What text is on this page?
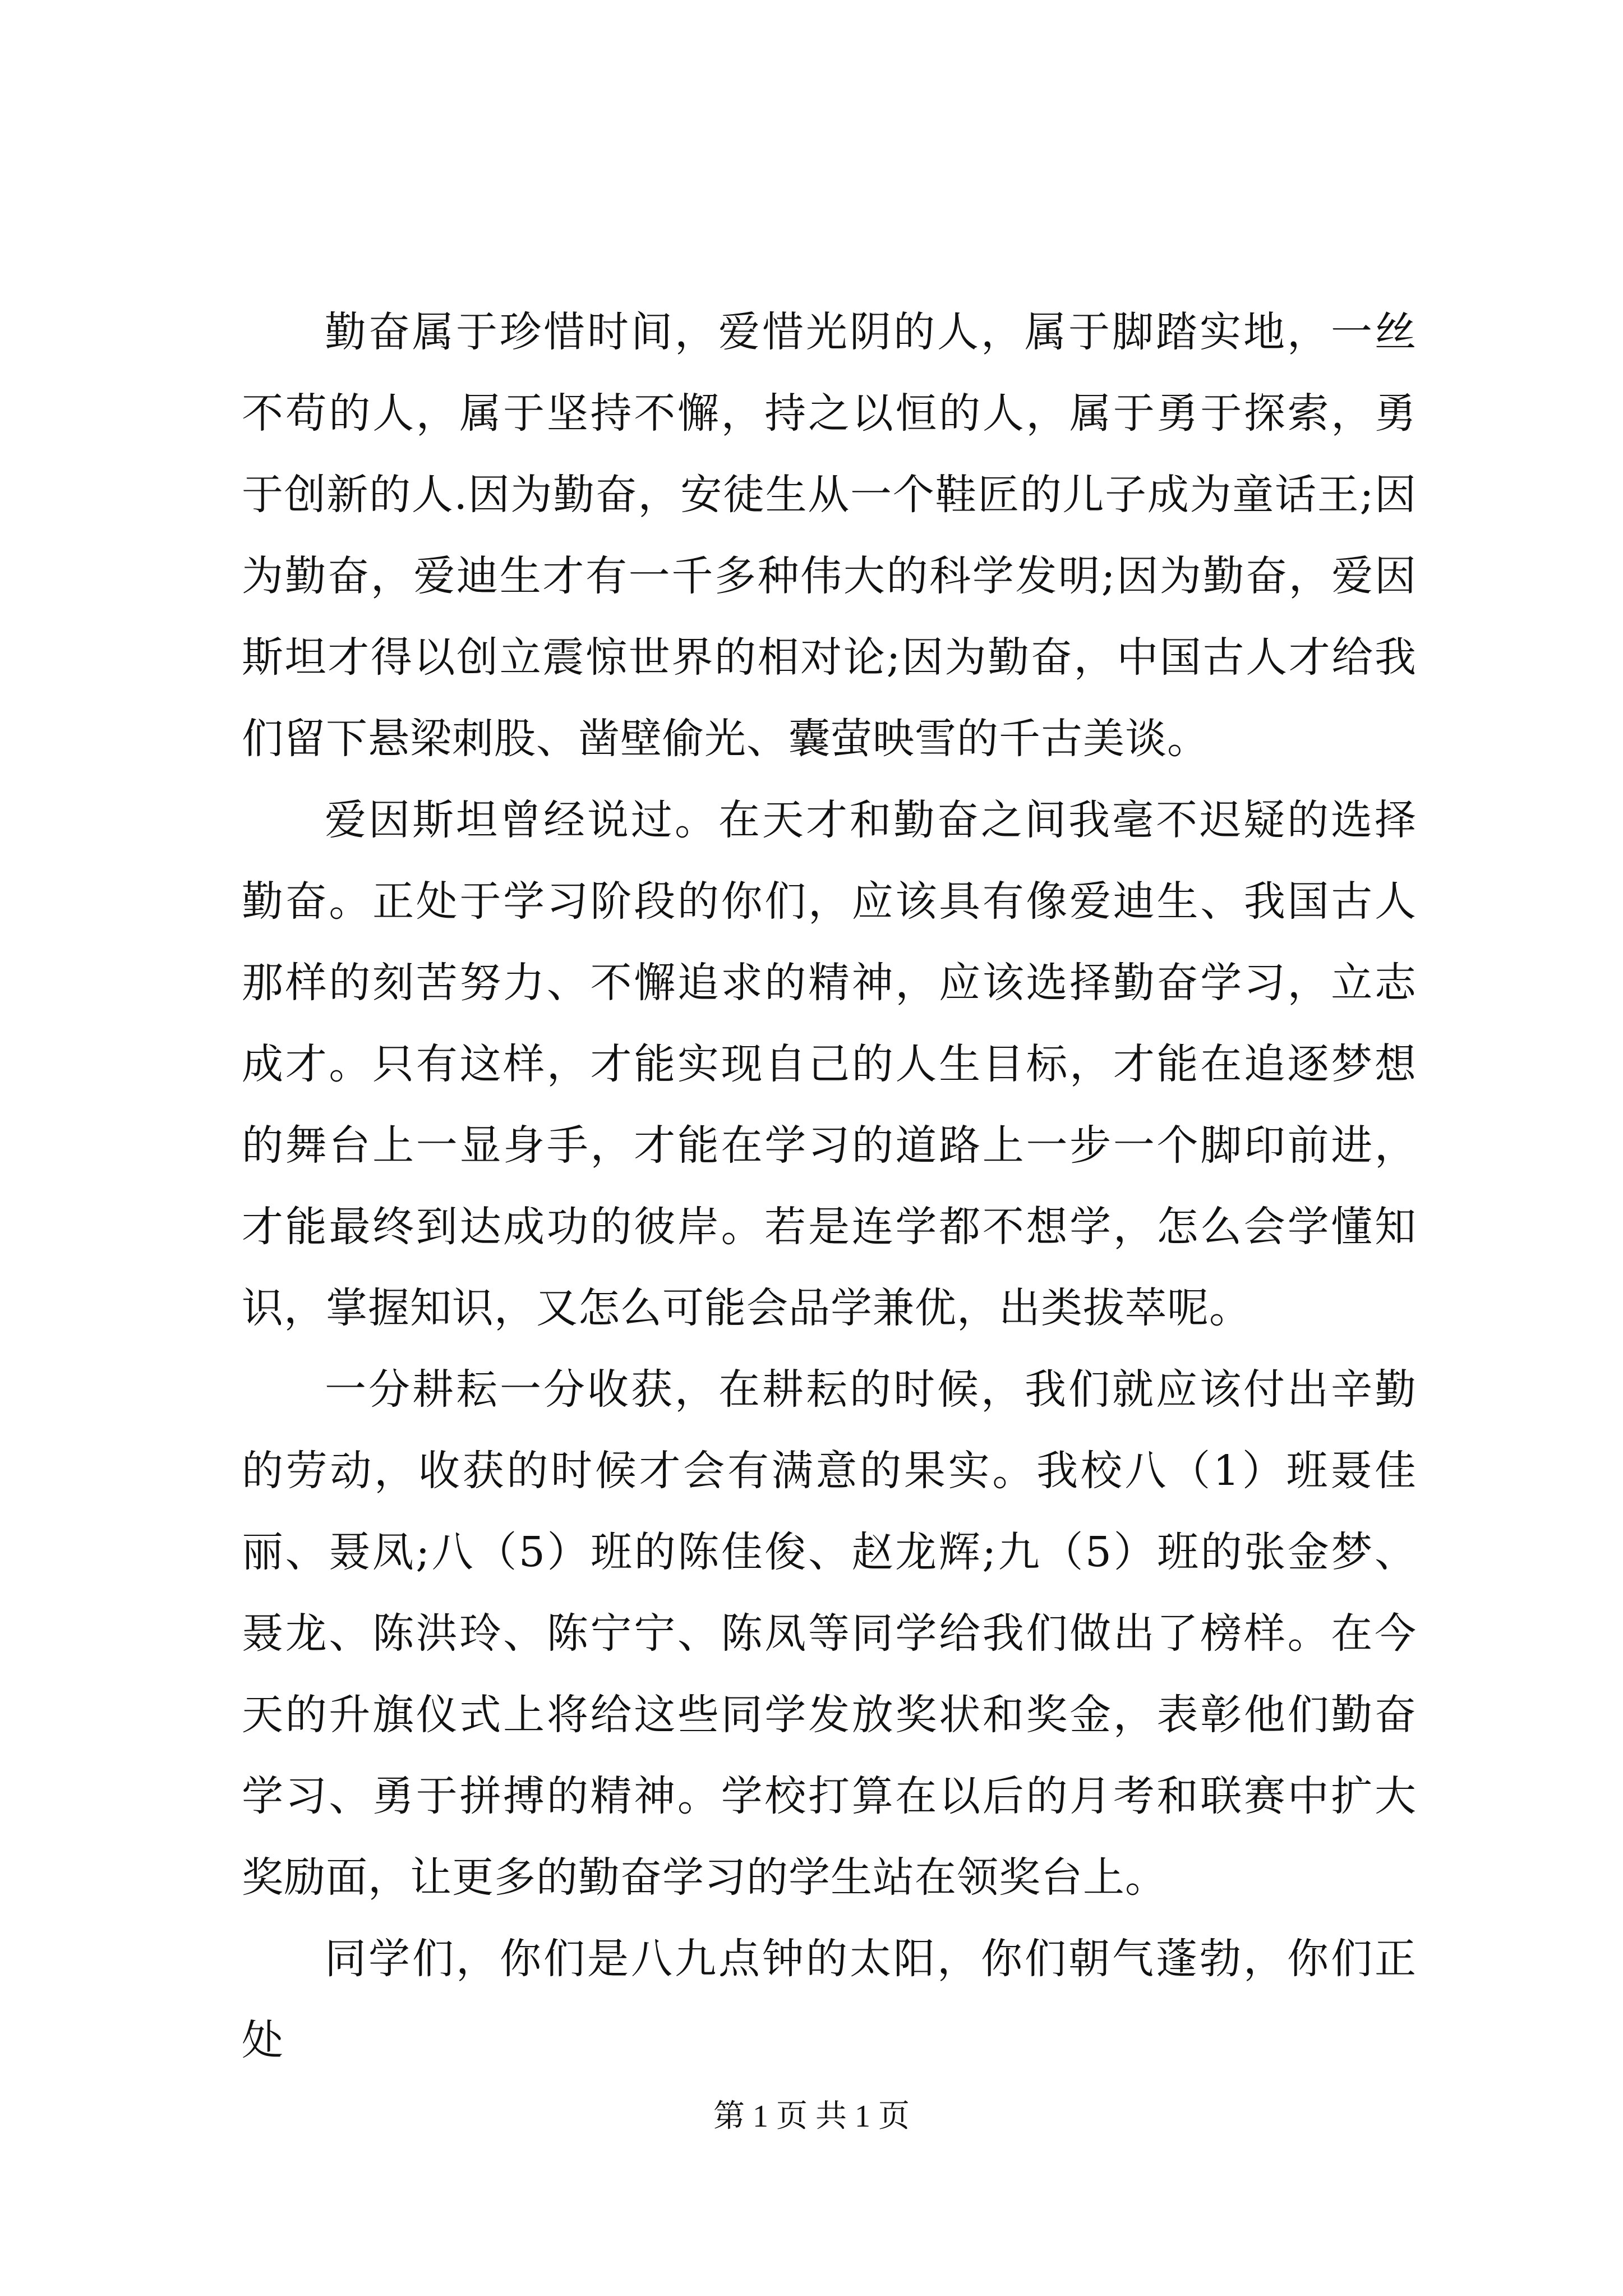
勤奋属于珍惜时间，爱惜光阴的人，属于脚踏实地，一丝不苟的人，属于坚持不懈，持之以恒的人，属于勇于探索，勇于创新的人.因为勤奋，安徒生从一个鞋匠的儿子成为童话王;因为勤奋，爱迪生才有一千多种伟大的科学发明;因为勤奋，爱因斯坦才得以创立震惊世界的相对论;因为勤奋，中国古人才给我们留下悬梁刺股、凿壁偷光、囊萤映雪的千古美谈。

爱因斯坦曾经说过。在天才和勤奋之间我毫不迟疑的选择勤奋。正处于学习阶段的你们，应该具有像爱迪生、我国古人那样的刻苦努力、不懈追求的精神，应该选择勤奋学习，立志成才。只有这样，才能实现自己的人生目标，才能在追逐梦想的舞台上一显身手，才能在学习的道路上一步一个脚印前进，才能最终到达成功的彼岸。若是连学都不想学，怎么会学懂知识，掌握知识，又怎么可能会品学兼优，出类拔萃呢。

一分耕耘一分收获，在耕耘的时候，我们就应该付出辛勤的劳动，收获的时候才会有满意的果实。我校八（1）班聂佳丽、聂凤;八（5）班的陈佳俊、赵龙辉;九（5）班的张金梦、聂龙、陈洪玲、陈宁宁、陈凤等同学给我们做出了榜样。在今天的升旗仪式上将给这些同学发放奖状和奖金，表彰他们勤奋学习、勇于拼搏的精神。学校打算在以后的月考和联赛中扩大奖励面，让更多的勤奋学习的学生站在领奖台上。

同学们，你们是八九点钟的太阳，你们朝气蓬勃，你们正处

第 1 页 共 1 页
